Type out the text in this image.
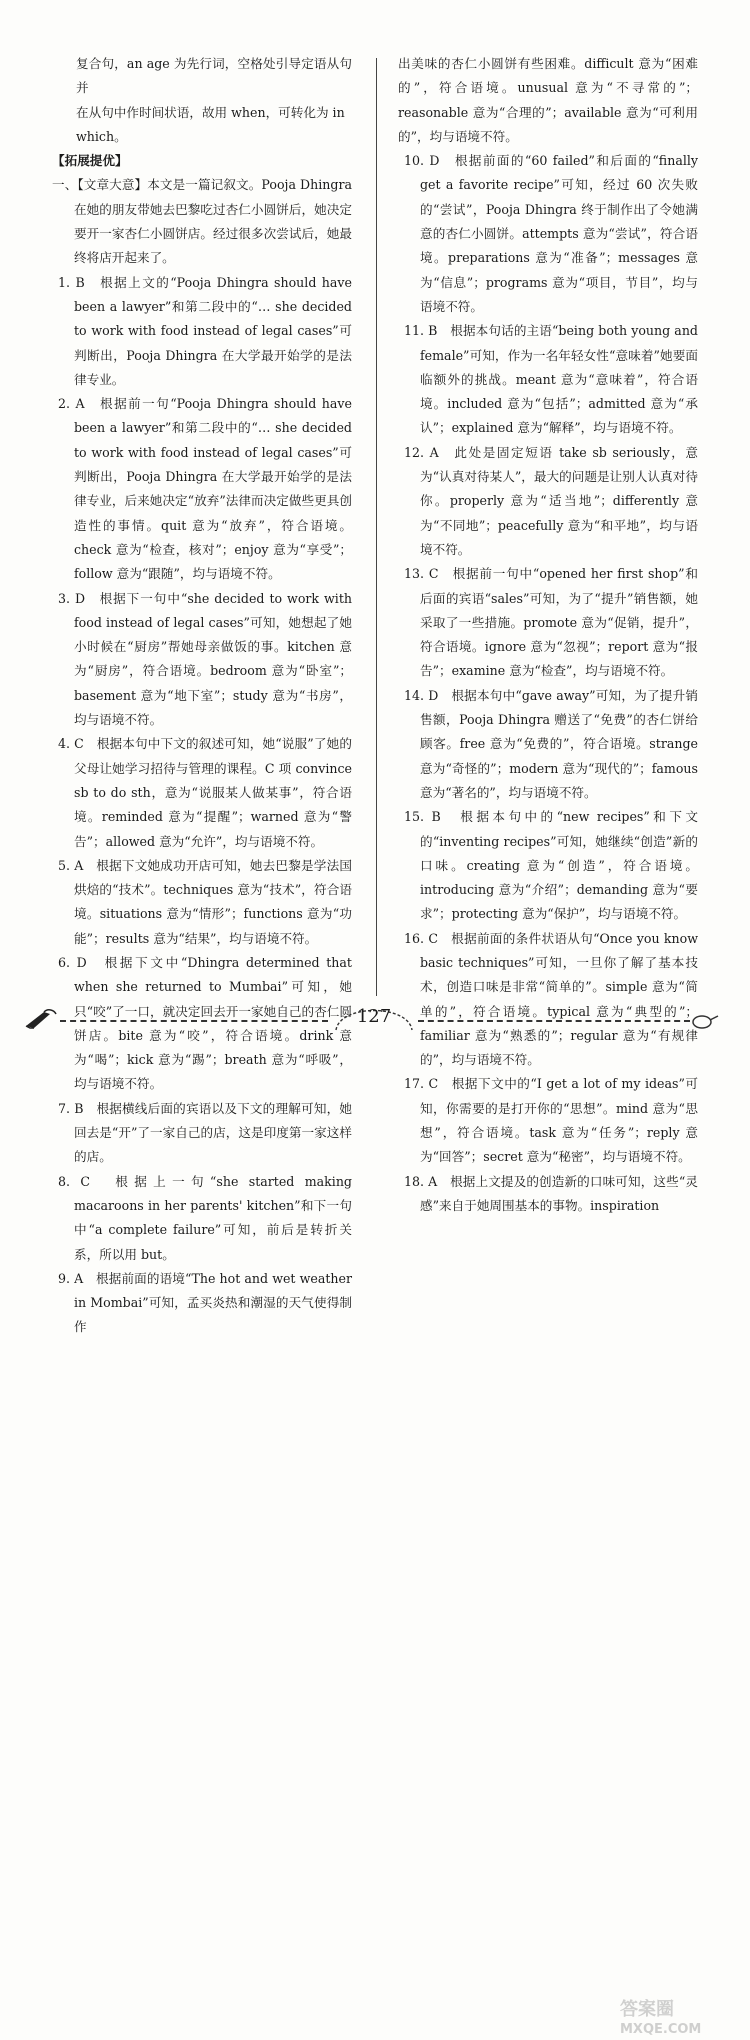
复合句，an age 为先行词，空格处引导定语从句并

在从句中作时间状语，故用 when，可转化为 in

which。

【拓展提优】

一、【文章大意】本文是一篇记叙文。Pooja Dhingra 在她的朋友带她去巴黎吃过杏仁小圆饼后，她决定要开一家杏仁小圆饼店。经过很多次尝试后，她最终将店开起来了。

1. B　根据上文的“Pooja Dhingra should have been a lawyer”和第二段中的“… she decided to work with food instead of legal cases”可判断出，Pooja Dhingra 在大学最开始学的是法律专业。

2. A　根据前一句“Pooja Dhingra should have been a lawyer”和第二段中的“… she decided to work with food instead of legal cases”可判断出，Pooja Dhingra 在大学最开始学的是法律专业，后来她决定“放弃”法律而决定做些更具创造性的事情。quit 意为“放弃”，符合语境。check 意为“检查，核对”；enjoy 意为“享受”；follow 意为“跟随”，均与语境不符。

3. D　根据下一句中“she decided to work with food instead of legal cases”可知，她想起了她小时候在“厨房”帮她母亲做饭的事。kitchen 意为“厨房”，符合语境。bedroom 意为“卧室”；basement 意为“地下室”；study 意为“书房”，均与语境不符。

4. C　根据本句中下文的叙述可知，她“说服”了她的父母让她学习招待与管理的课程。C 项 convince sb to do sth，意为“说服某人做某事”，符合语境。reminded 意为“提醒”；warned 意为“警告”；allowed 意为“允许”，均与语境不符。

5. A　根据下文她成功开店可知，她去巴黎是学法国烘焙的“技术”。techniques 意为“技术”，符合语境。situations 意为“情形”；functions 意为“功能”；results 意为“结果”，均与语境不符。

6. D　根据下文中“Dhingra determined that when she returned to Mumbai”可知，她只“咬”了一口，就决定回去开一家她自己的杏仁圆饼店。bite 意为“咬”，符合语境。drink 意为“喝”；kick 意为“踢”；breath 意为“呼吸”，均与语境不符。

7. B　根据横线后面的宾语以及下文的理解可知，她回去是“开”了一家自己的店，这是印度第一家这样的店。

8. C　根据上一句“she started making macaroons in her parents' kitchen”和下一句中“a complete failure”可知，前后是转折关系，所以用 but。

9. A　根据前面的语境“The hot and wet weather in Mombai”可知，孟买炎热和潮湿的天气使得制作

出美味的杏仁小圆饼有些困难。difficult 意为“困难的”，符合语境。unusual 意为“不寻常的”；reasonable 意为“合理的”；available 意为“可利用的”，均与语境不符。

10. D　根据前面的“60 failed”和后面的“finally get a favorite recipe”可知，经过 60 次失败的“尝试”，Pooja Dhingra 终于制作出了令她满意的杏仁小圆饼。attempts 意为“尝试”，符合语境。preparations 意为“准备”；messages 意为“信息”；programs 意为“项目，节目”，均与语境不符。

11. B　根据本句话的主语“being both young and female”可知，作为一名年轻女性“意味着”她要面临额外的挑战。meant 意为“意味着”，符合语境。included 意为“包括”；admitted 意为“承认”；explained 意为“解释”，均与语境不符。

12. A　此处是固定短语 take sb seriously，意为“认真对待某人”，最大的问题是让别人认真对待你。properly 意为“适当地”；differently 意为“不同地”；peacefully 意为“和平地”，均与语境不符。

13. C　根据前一句中“opened her first shop”和后面的宾语“sales”可知，为了“提升”销售额，她采取了一些措施。promote 意为“促销，提升”，符合语境。ignore 意为“忽视”；report 意为“报告”；examine 意为“检查”，均与语境不符。

14. D　根据本句中“gave away”可知，为了提升销售额，Pooja Dhingra 赠送了“免费”的杏仁饼给顾客。free 意为“免费的”，符合语境。strange 意为“奇怪的”；modern 意为“现代的”；famous 意为“著名的”，均与语境不符。

15. B　根据本句中的“new recipes”和下文的“inventing recipes”可知，她继续“创造”新的口味。creating 意为“创造”，符合语境。introducing 意为“介绍”；demanding 意为“要求”；protecting 意为“保护”，均与语境不符。

16. C　根据前面的条件状语从句“Once you know basic techniques”可知，一旦你了解了基本技术，创造口味是非常“简单的”。simple 意为“简单的”，符合语境。typical 意为“典型的”；familiar 意为“熟悉的”；regular 意为“有规律的”，均与语境不符。

17. C　根据下文中的“I get a lot of my ideas”可知，你需要的是打开你的“思想”。mind 意为“思想”，符合语境。task 意为“任务”；reply 意为“回答”；secret 意为“秘密”，均与语境不符。

18. A　根据上文提及的创造新的口味可知，这些“灵感”来自于她周围基本的事物。inspiration

127
答案圈
MXQE.COM
